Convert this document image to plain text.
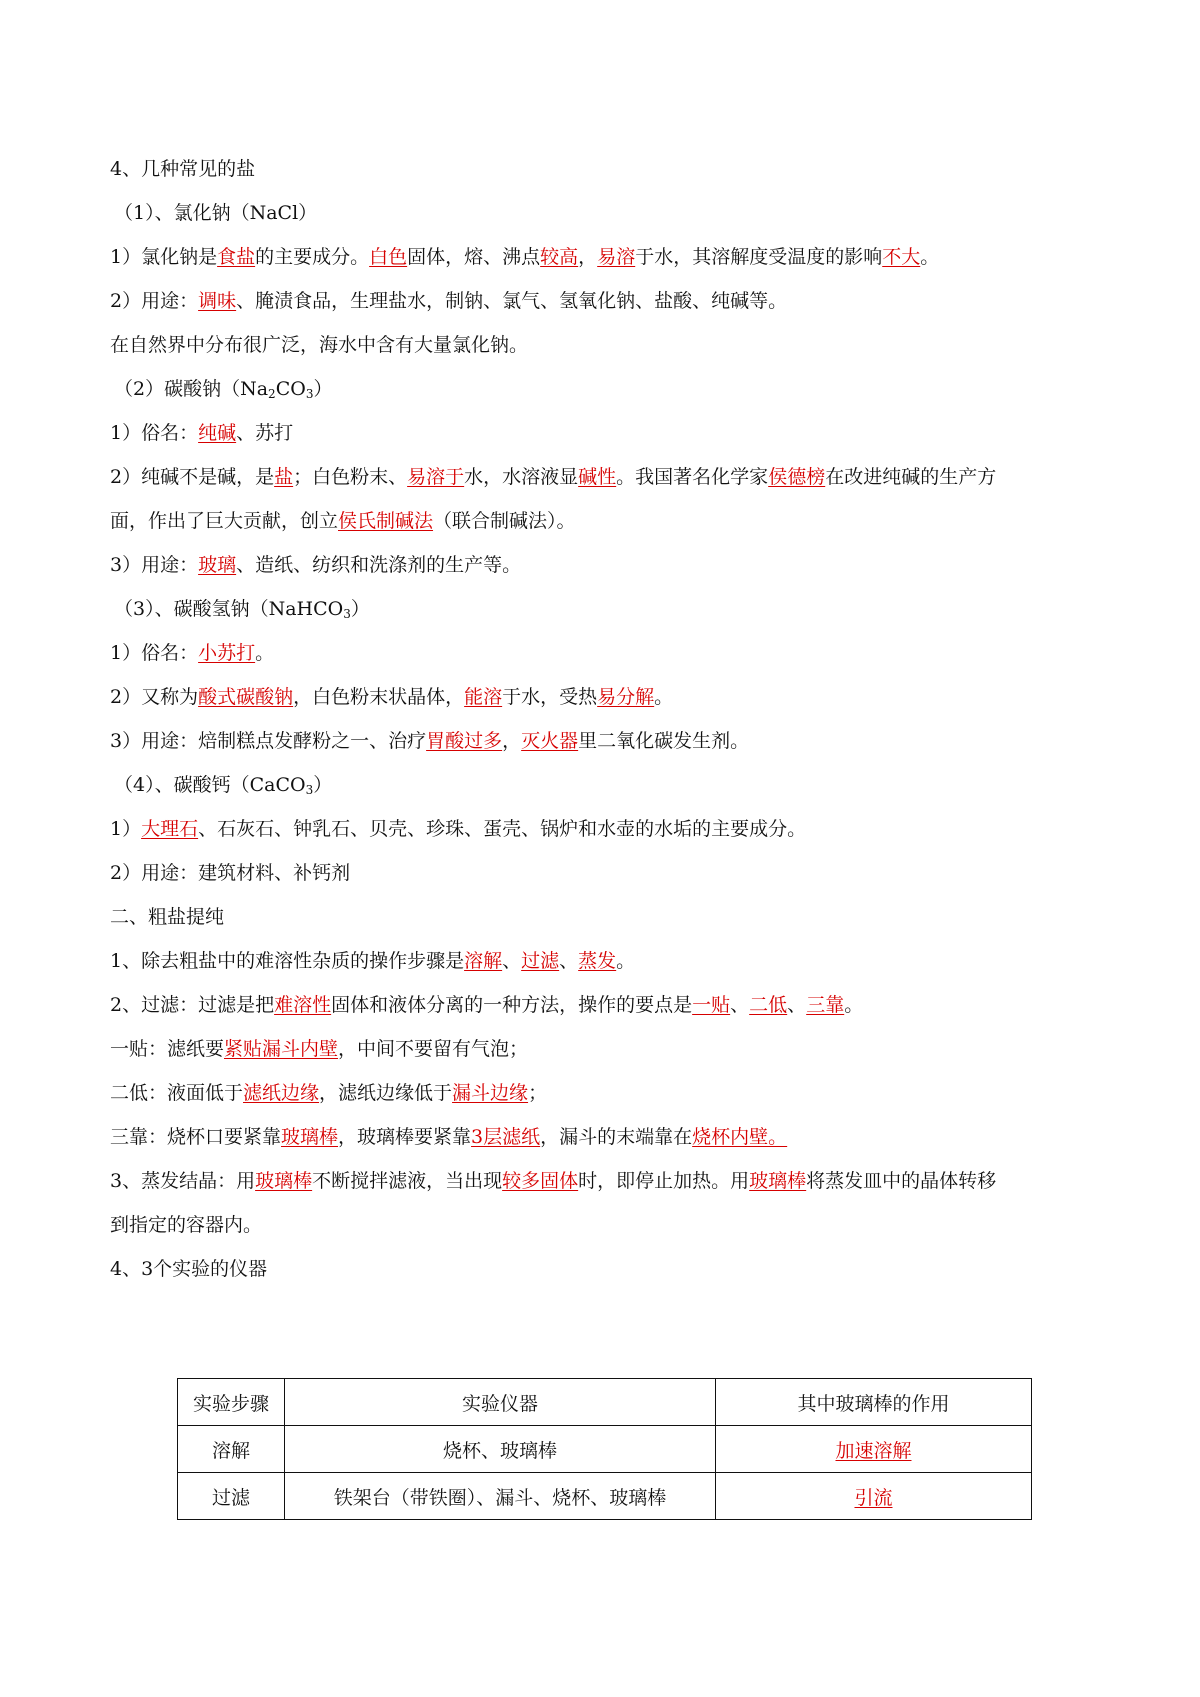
4、几种常见的盐
（1）、氯化钠（NaCl）
1）氯化钠是食盐的主要成分。白色固体，熔、沸点较高，易溶于水，其溶解度受温度的影响不大。
2）用途：调味、腌渍食品，生理盐水，制钠、氯气、氢氧化钠、盐酸、纯碱等。
在自然界中分布很广泛，海水中含有大量氯化钠。
（2）碳酸钠$(Na_2CO_3)$
1）俗名：纯碱、苏打
2）纯碱不是碱，是盐；白色粉末、易溶于水，水溶液显碱性。我国著名化学家侯德榜在改进纯碱的生产方
面，作出了巨大贡献，创立侯氏制碱法（联合制碱法）。
3）用途：玻璃、造纸、纺织和洗涤剂的生产等。
（3）、碳酸氢钠（NaHCO$_3$）
1）俗名：小苏打。
2）又称为酸式碳酸钠，白色粉末状晶体，能溶于水，受热易分解。
3）用途：焙制糕点发酵粉之一、治疗胃酸过多，灭火器里二氧化碳发生剂。
（4）、碳酸钙（CaCO$_3$）
1）大理石、石灰石、钟乳石、贝壳、珍珠、蛋壳、锅炉和水壶的水垢的主要成分。
2）用途：建筑材料、补钙剂
二、粗盐提纯
1、除去粗盐中的难溶性杂质的操作步骤是溶解、过滤、蒸发。
2、过滤：过滤是把难溶性固体和液体分离的一种方法，操作的要点是一贴、二低、三靠。
一贴：滤纸要紧贴漏斗内壁，中间不要留有气泡；
二低：液面低于滤纸边缘，滤纸边缘低于漏斗边缘；
三靠：烧杯口要紧靠玻璃棒，玻璃棒要紧靠3层滤纸，漏斗的末端靠在烧杯内壁。
3、蒸发结晶：用玻璃棒不断搅拌滤液，当出现较多固体时，即停止加热。用玻璃棒将蒸发皿中的晶体转移
到指定的容器内。
4、3个实验的仪器
实验步骤	实验仪器	其中玻璃棒的作用
溶解	烧杯、玻璃棒	加速溶解
过滤	铁架台（带铁圈）、漏斗、烧杯、玻璃棒	引流
